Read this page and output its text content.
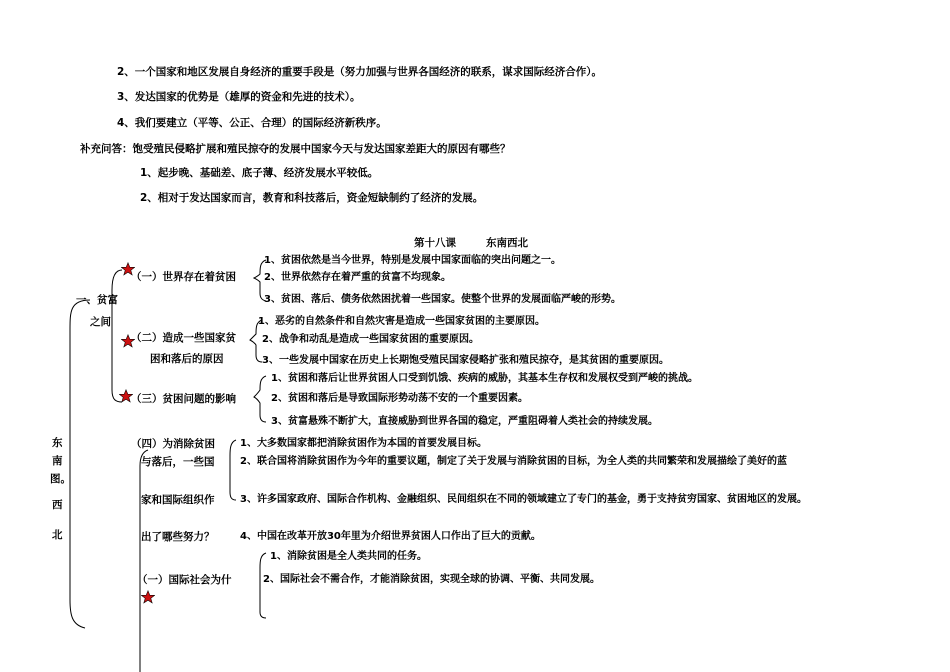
2、一个国家和地区发展自身经济的重要手段是（努力加强与世界各国经济的联系，谋求国际经济合作）。
3、发达国家的优势是（雄厚的资金和先进的技术）。
4、我们要建立（平等、公正、合理）的国际经济新秩序。
补充问答：饱受殖民侵略扩展和殖民掠夺的发展中国家今天与发达国家差距大的原因有哪些？
1、起步晚、基础差、底子薄、经济发展水平较低。
2、相对于发达国家而言，教育和科技落后，资金短缺制约了经济的发展。
第十八课	东南西北
东
南
图。
西
北
一、贫富
之间
（一）世界存在着贫困
1、贫困依然是当今世界，特别是发展中国家面临的突出问题之一。
2、世界依然存在着严重的贫富不均现象。
3、贫困、落后、债务依然困扰着一些国家。使整个世界的发展面临严峻的形势。
（二）造成一些国家贫
困和落后的原因
1、恶劣的自然条件和自然灾害是造成一些国家贫困的主要原因。
2、战争和动乱是造成一些国家贫困的重要原因。
3、一些发展中国家在历史上长期饱受殖民国家侵略扩张和殖民掠夺，是其贫困的重要原因。
（三）贫困问题的影响
1、贫困和落后让世界贫困人口受到饥饿、疾病的威胁，其基本生存权和发展权受到严峻的挑战。
2、贫困和落后是导致国际形势动荡不安的一个重要因素。
3、贫富悬殊不断扩大，直接威胁到世界各国的稳定，严重阻碍着人类社会的持续发展。
（四）为消除贫困
与落后，一些国
家和国际组织作
出了哪些努力？
1、大多数国家都把消除贫困作为本国的首要发展目标。
2、联合国将消除贫困作为今年的重要议题，制定了关于发展与消除贫困的目标，为全人类的共同繁荣和发展描绘了美好的蓝
3、许多国家政府、国际合作机构、金融组织、民间组织在不同的领域建立了专门的基金，勇于支持贫穷国家、贫困地区的发展。
4、中国在改革开放30年里为介绍世界贫困人口作出了巨大的贡献。
（一）国际社会为什
1、消除贫困是全人类共同的任务。
2、国际社会不需合作，才能消除贫困，实现全球的协调、平衡、共同发展。
